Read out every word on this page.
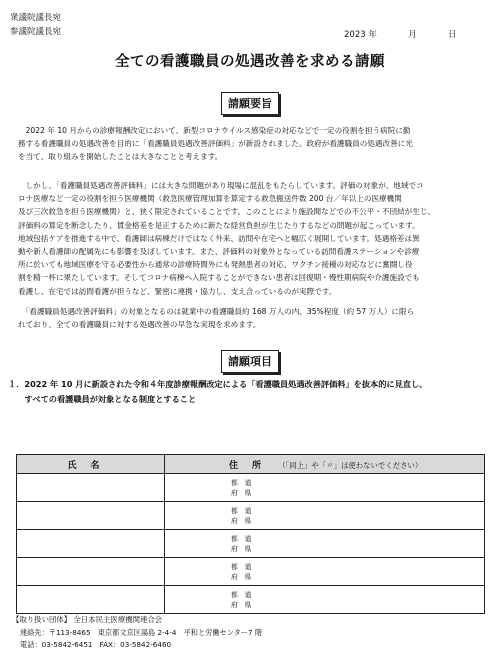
衆議院議長宛
参議院議長宛	2023 年	月	日
全ての看護職員の処遇改善を求める請願
請願要旨

　2022 年 10 月からの診療報酬改定において、新型コロナウイルス感染症の対応などで一定の役割を担う病院に勤

務する看護職員の処遇改善を目的に「看護職員処遇改善評価料」が新設されました。政府が看護職員の処遇改善に光

を当て、取り組みを開始したことは大きなことと考えます。

　しかし、「看護職員処遇改善評価料」には大きな問題があり現場に混乱をもたらしています。評価の対象が、地域でコ

ロナ医療など一定の役割を担う医療機関（救急医療管理加算を算定する救急搬送件数 200 台／年以上の医療機関

及び三次救急を担う医療機関）と、狭く限定されていることです。このことにより施設間などでの不公平・不団結が生じ、

評価料の算定を断念したり、賃金格差を是正するために新たな経営負担が生じたりするなどの問題が起こっています。

地域包括ケアを推進する中で、看護師は病棟だけではなく外来、訪問や在宅へと幅広く展開しています。処遇格差は異

動や新人看護師の配属先にも影響を及ぼしています。また、評価料の対象外となっている訪問看護ステーションや診療

所に於いても地域医療を守る必要性から通常の診療時間外にも発熱患者の対応、ワクチン接種の対応などに奮闘し役

割を精一杯に果たしています。そしてコロナ病棟へ入院することができない患者は回復期・慢性期病院や介護施設でも

看護し、在宅では訪問看護が担うなど、緊密に連携・協力し、支え合っているのが実際です。

　「看護職員処遇改善評価料」の対象となるのは就業中の看護職員約 168 万人の内、35%程度（約 57 万人）に限ら

れており、全ての看護職員に対する処遇改善の早急な実現を求めます。

請願項目

１．2022 年 10 月に新設された令和４年度診療報酬改定による「看護職員処遇改善評価料」を抜本的に見直し、

　　すべての看護職員が対象となる制度とすること

氏名	住所 （「同上」や「〃」は使わないでください）

	都　道
府　県

	都　道
府　県

	都　道
府　県

	都　道
府　県

	都　道
府　県
【取り扱い団体】 全日本民主医療機関連合会
連絡先：〒113-8465　東京都文京区湯島 2-4-4　平和と労働センター7 階
電話：03-5842-6451　FAX：03-5842-6460
